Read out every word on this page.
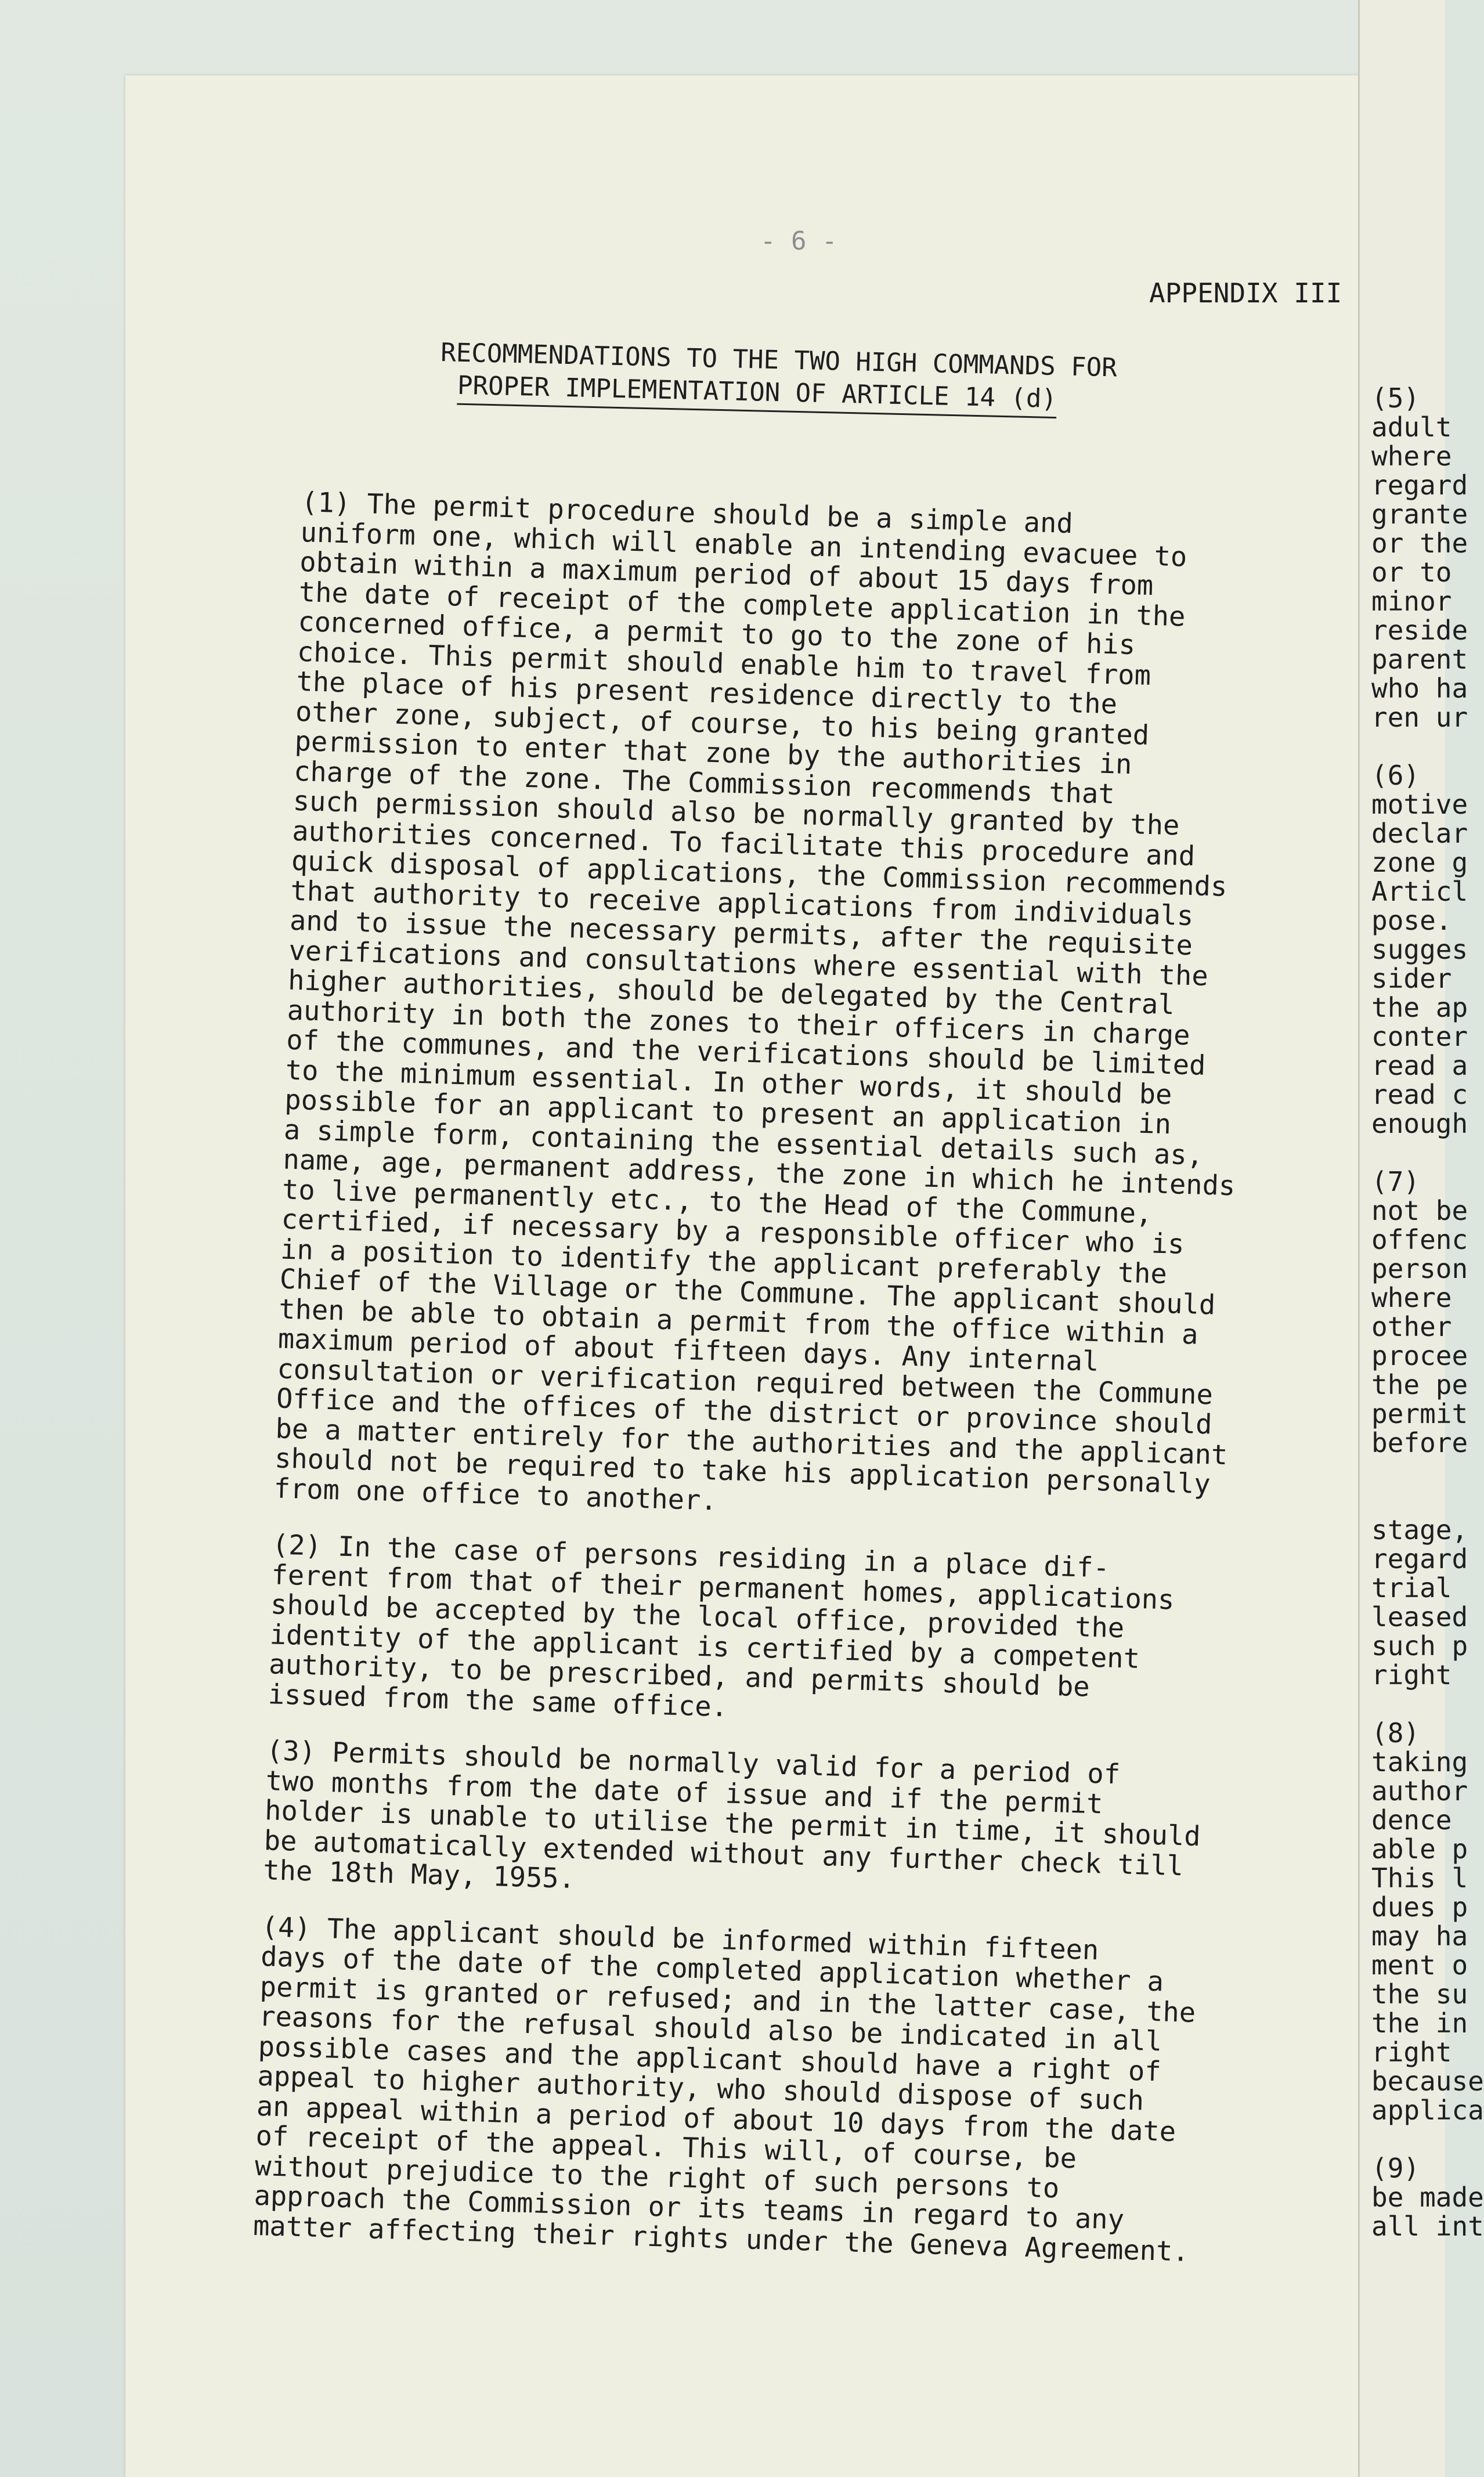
(5)
adult
where
regard
grante
or the
or to
minor
reside
parent
who ha
ren ur
(6)
motive
declar
zone g
Articl
pose.
sugges
sider
the ap
conter
read a
read c
enough
(7)
not be
offenc
person
where
other
procee
the pe
permit
before
stage,
regard
trial
leased
such p
right
(8)
taking
author
dence
able p
This l
dues p
may ha
ment o
the su
the in
right
because
applica
(9)
be made
all int
- 6 -
APPENDIX III
RECOMMENDATIONS TO THE TWO HIGH COMMANDS FOR
PROPER IMPLEMENTATION OF ARTICLE 14 (d)

(1) The permit procedure should be a simple and
uniform one, which will enable an intending evacuee to
obtain within a maximum period of about 15 days from
the date of receipt of the complete application in the
concerned office, a permit to go to the zone of his
choice. This permit should enable him to travel from
the place of his present residence directly to the
other zone, subject, of course, to his being granted
permission to enter that zone by the authorities in
charge of the zone. The Commission recommends that
such permission should also be normally granted by the
authorities concerned. To facilitate this procedure and
quick disposal of applications, the Commission recommends
that authority to receive applications from individuals
and to issue the necessary permits, after the requisite
verifications and consultations where essential with the
higher authorities, should be delegated by the Central
authority in both the zones to their officers in charge
of the communes, and the verifications should be limited
to the minimum essential. In other words, it should be
possible for an applicant to present an application in
a simple form, containing the essential details such as,
name, age, permanent address, the zone in which he intends
to live permanently etc., to the Head of the Commune,
certified, if necessary by a responsible officer who is
in a position to identify the applicant preferably the
Chief of the Village or the Commune. The applicant should
then be able to obtain a permit from the office within a
maximum period of about fifteen days. Any internal
consultation or verification required between the Commune
Office and the offices of the district or province should
be a matter entirely for the authorities and the applicant
should not be required to take his application personally
from one office to another.

(2) In the case of persons residing in a place dif-
ferent from that of their permanent homes, applications
should be accepted by the local office, provided the
identity of the applicant is certified by a competent
authority, to be prescribed, and permits should be
issued from the same office.

(3) Permits should be normally valid for a period of
two months from the date of issue and if the permit
holder is unable to utilise the permit in time, it should
be automatically extended without any further check till
the 18th May, 1955.

(4) The applicant should be informed within fifteen
days of the date of the completed application whether a
permit is granted or refused; and in the latter case, the
reasons for the refusal should also be indicated in all
possible cases and the applicant should have a right of
appeal to higher authority, who should dispose of such
an appeal within a period of about 10 days from the date
of receipt of the appeal. This will, of course, be
without prejudice to the right of such persons to
approach the Commission or its teams in regard to any
matter affecting their rights under the Geneva Agreement.
